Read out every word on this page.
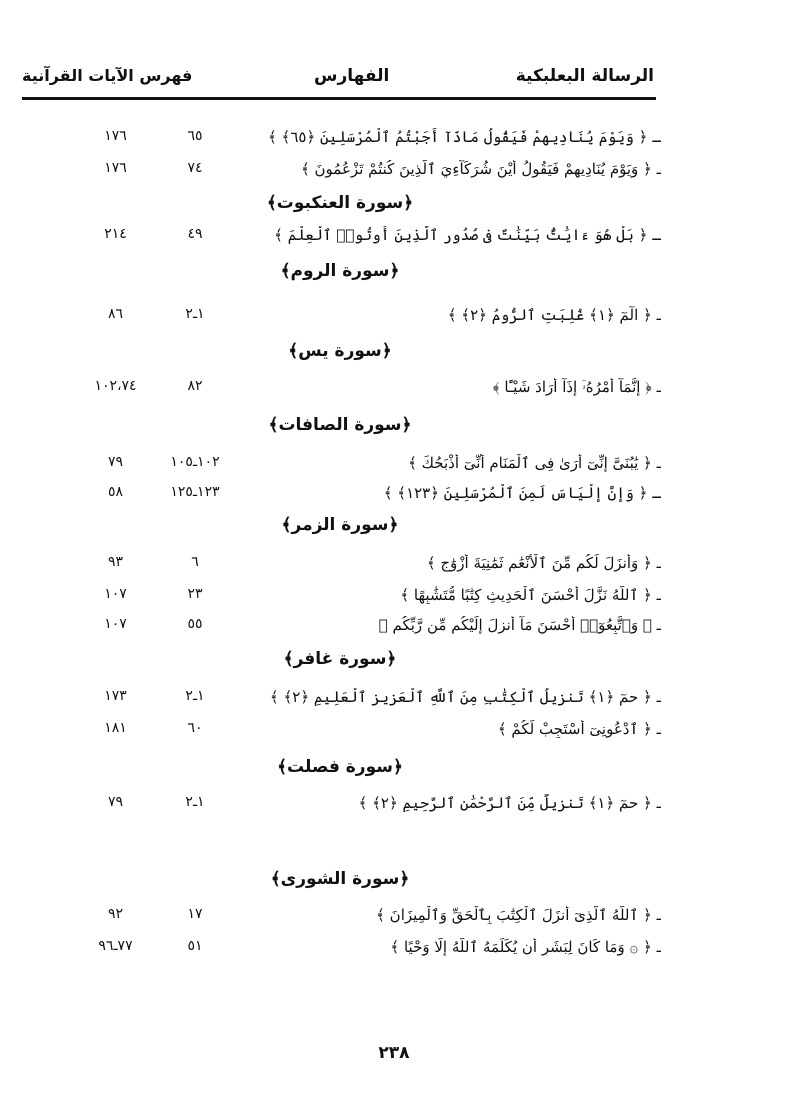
الرسالة البعلبكية
الفهارس
فهرس الآيات القرآنية
ـ ﴿ وَيَوْمَ يُنَادِيهِمْ فَيَقُولُ مَاذَآ أَجَبْتُمُ ٱلْمُرْسَلِينَ ﴿٦٥﴾ ﴾
٦٥
١٧٦
ـ ﴿ وَيَوْمَ يُنَادِيهِمْ فَيَقُولُ أَيْنَ شُرَكَآءِيَ ٱلَّذِينَ كُنتُمْ تَزْعُمُونَ ﴾
٧٤
١٧٦
﴿سورة العنكبوت﴾
ـ ﴿ بَلْ هُوَ ءَايَٰتٌۢ بَيِّنَٰتٌ فِى صُدُورِ ٱلَّذِينَ أُوتُوا۟ ٱلْعِلْمَ ﴾
٤٩
٢١٤
﴿سورة الروم﴾
ـ ﴿ الٓمٓ ﴿١﴾ غُلِبَتِ ٱلرُّومُ ﴿٢﴾ ﴾
١ـ٢
٨٦
﴿سورة يس﴾
ـ ﴿ إِنَّمَآ أَمْرُهُۥٓ إِذَآ أَرَادَ شَيْـًٔا ﴾
٨٢
١٠٢،٧٤
﴿سورة الصافات﴾
ـ ﴿ يَٰبُنَىَّ إِنِّىٓ أَرَىٰ فِى ٱلْمَنَامِ أَنِّىٓ أَذْبَحُكَ ﴾
١٠٢ـ١٠٥
٧٩
ـ ﴿ وَإِنَّ إِلْيَاسَ لَمِنَ ٱلْمُرْسَلِينَ ﴿١٢٣﴾ ﴾
١٢٣ـ١٢٥
٥٨
﴿سورة الزمر﴾
ـ ﴿ وَأَنزَلَ لَكُم مِّنَ ٱلْأَنْعَٰمِ ثَمَٰنِيَةَ أَزْوَٰجٍ ﴾
٦
٩٣
ـ ﴿ ٱللَّهُ نَزَّلَ أَحْسَنَ ٱلْحَدِيثِ كِتَٰبًا مُّتَشَٰبِهًا ﴾
٢٣
١٠٧
ـ ﴿ وَٱتَّبِعُوٓا۟ أَحْسَنَ مَآ أُنزِلَ إِلَيْكُم مِّن رَّبِّكُم ﴾
٥٥
١٠٧
﴿سورة غافر﴾
ـ ﴿ حمٓ ﴿١﴾ تَنزِيلُ ٱلْكِتَٰبِ مِنَ ٱللَّهِ ٱلْعَزِيزِ ٱلْعَلِيمِ ﴿٢﴾ ﴾
١ـ٢
١٧٣
ـ ﴿ ٱدْعُونِىٓ أَسْتَجِبْ لَكُمْ ﴾
٦٠
١٨١
﴿سورة فصلت﴾
ـ ﴿ حمٓ ﴿١﴾ تَنزِيلٌ مِّنَ ٱلرَّحْمَٰنِ ٱلرَّحِيمِ ﴿٢﴾ ﴾
١ـ٢
٧٩
﴿سورة الشورى﴾
ـ ﴿ ٱللَّهُ ٱلَّذِىٓ أَنزَلَ ٱلْكِتَٰبَ بِٱلْحَقِّ وَٱلْمِيزَانَ ﴾
١٧
٩٢
ـ ﴿ ۞ وَمَا كَانَ لِبَشَرٍ أَن يُكَلِّمَهُ ٱللَّهُ إِلَّا وَحْيًا ﴾
٥١
٧٧ـ٩٦
٢٣٨
